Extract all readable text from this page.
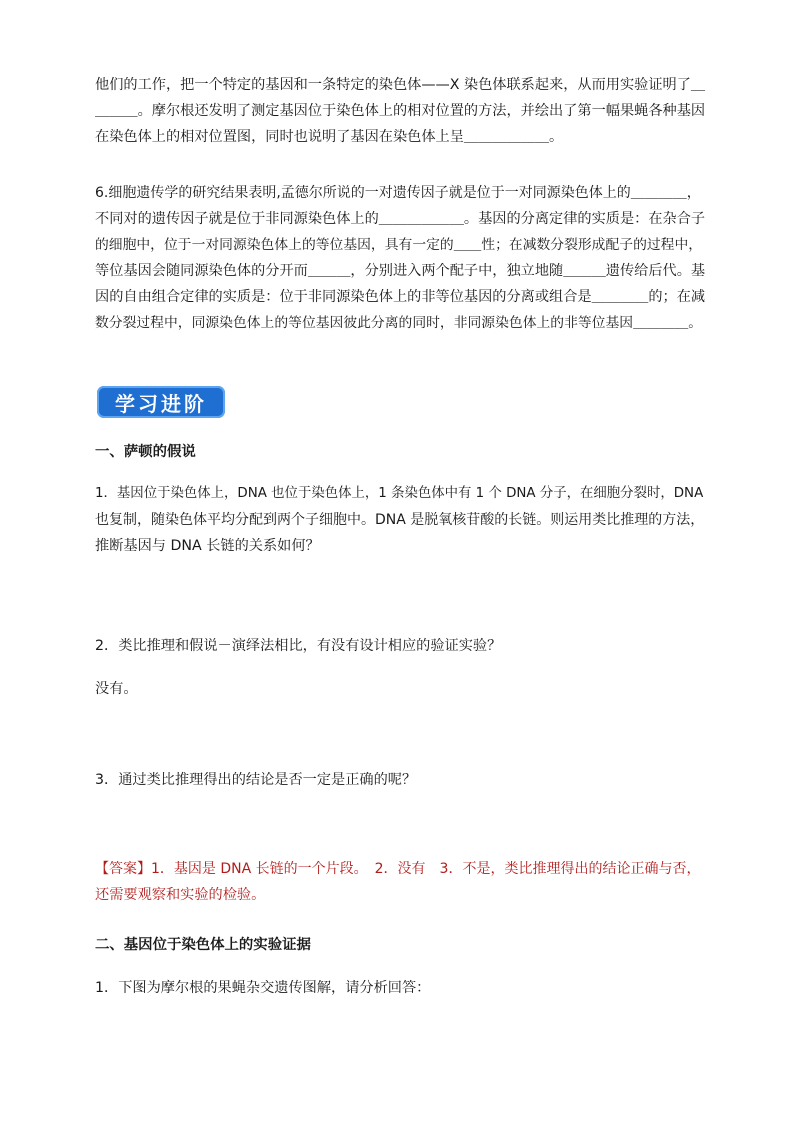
他们的工作，把一个特定的基因和一条特定的染色体——X 染色体联系起来，从而用实验证明了＿
＿＿＿。摩尔根还发明了测定基因位于染色体上的相对位置的方法，并绘出了第一幅果蝇各种基因
在染色体上的相对位置图，同时也说明了基因在染色体上呈＿＿＿＿＿＿。

6.细胞遗传学的研究结果表明,孟德尔所说的一对遗传因子就是位于一对同源染色体上的＿＿＿＿，
不同对的遗传因子就是位于非同源染色体上的＿＿＿＿＿＿。基因的分离定律的实质是：在杂合子
的细胞中，位于一对同源染色体上的等位基因，具有一定的＿＿性；在减数分裂形成配子的过程中，
等位基因会随同源染色体的分开而＿＿＿，分别进入两个配子中，独立地随＿＿＿遗传给后代。基
因的自由组合定律的实质是：位于非同源染色体上的非等位基因的分离或组合是＿＿＿＿的；在减
数分裂过程中，同源染色体上的等位基因彼此分离的同时，非同源染色体上的非等位基因＿＿＿＿。

学习进阶

一、萨顿的假说

1．基因位于染色体上，DNA 也位于染色体上，1 条染色体中有 1 个 DNA 分子，在细胞分裂时，DNA
也复制，随染色体平均分配到两个子细胞中。DNA 是脱氧核苷酸的长链。则运用类比推理的方法，
推断基因与 DNA 长链的关系如何？

2．类比推理和假说－演绎法相比，有没有设计相应的验证实验？

没有。

3．通过类比推理得出的结论是否一定是正确的呢？

【答案】1．基因是 DNA 长链的一个片段。　2．没有　3．不是，类比推理得出的结论正确与否，
还需要观察和实验的检验。

二、基因位于染色体上的实验证据

1．下图为摩尔根的果蝇杂交遗传图解，请分析回答：
